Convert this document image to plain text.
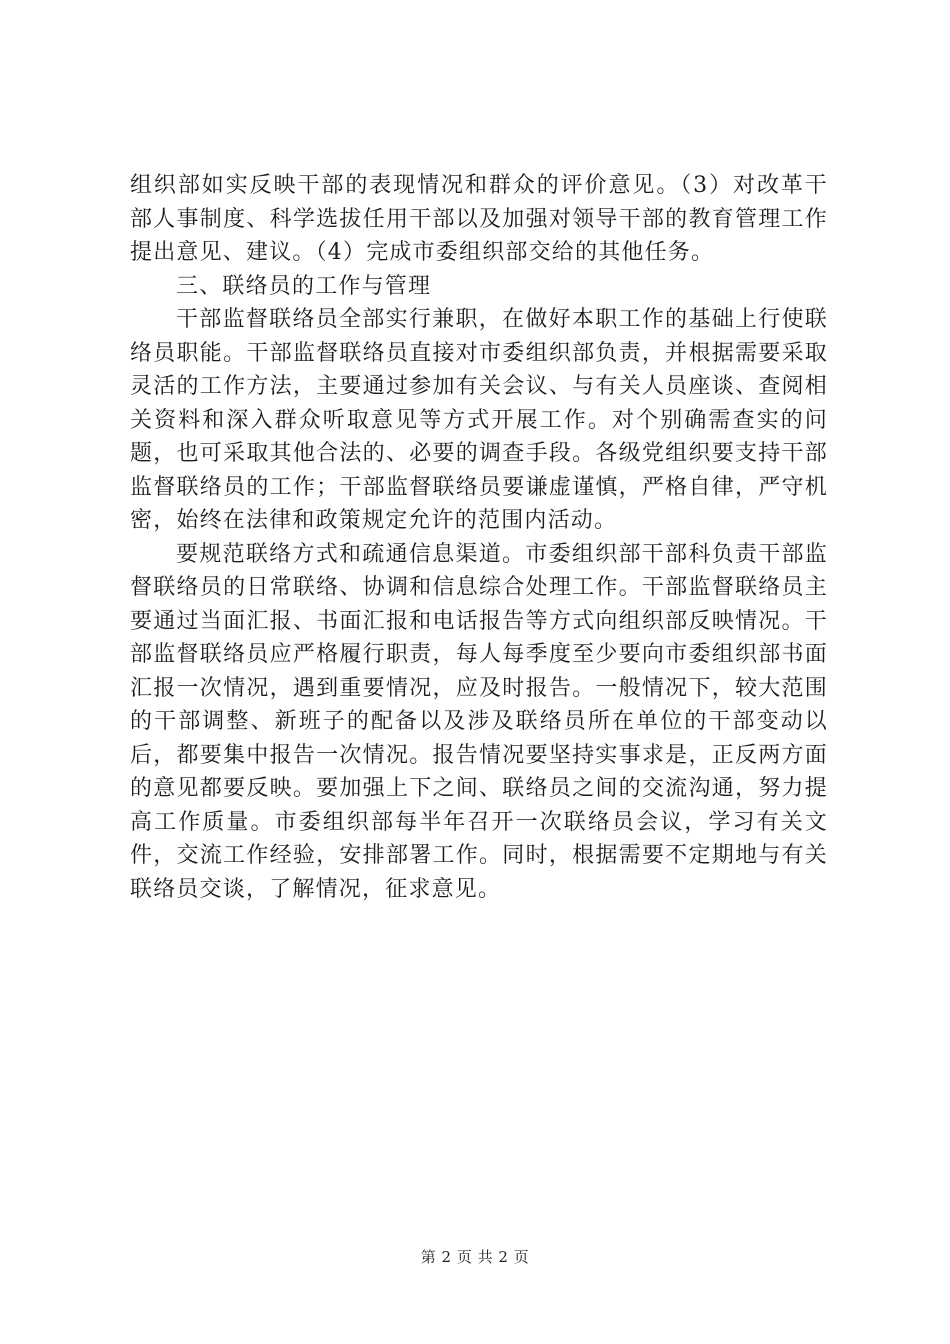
组织部如实反映干部的表现情况和群众的评价意见。（3）对改革干部人事制度、科学选拔任用干部以及加强对领导干部的教育管理工作提出意见、建议。（4）完成市委组织部交给的其他任务。

三、联络员的工作与管理

干部监督联络员全部实行兼职，在做好本职工作的基础上行使联络员职能。干部监督联络员直接对市委组织部负责，并根据需要采取灵活的工作方法，主要通过参加有关会议、与有关人员座谈、查阅相关资料和深入群众听取意见等方式开展工作。对个别确需查实的问题，也可采取其他合法的、必要的调查手段。各级党组织要支持干部监督联络员的工作；干部监督联络员要谦虚谨慎，严格自律，严守机密，始终在法律和政策规定允许的范围内活动。

要规范联络方式和疏通信息渠道。市委组织部干部科负责干部监督联络员的日常联络、协调和信息综合处理工作。干部监督联络员主要通过当面汇报、书面汇报和电话报告等方式向组织部反映情况。干部监督联络员应严格履行职责，每人每季度至少要向市委组织部书面汇报一次情况，遇到重要情况，应及时报告。一般情况下，较大范围的干部调整、新班子的配备以及涉及联络员所在单位的干部变动以后，都要集中报告一次情况。报告情况要坚持实事求是，正反两方面的意见都要反映。要加强上下之间、联络员之间的交流沟通，努力提高工作质量。市委组织部每半年召开一次联络员会议，学习有关文件，交流工作经验，安排部署工作。同时，根据需要不定期地与有关联络员交谈，了解情况，征求意见。

第 2 页 共 2 页
